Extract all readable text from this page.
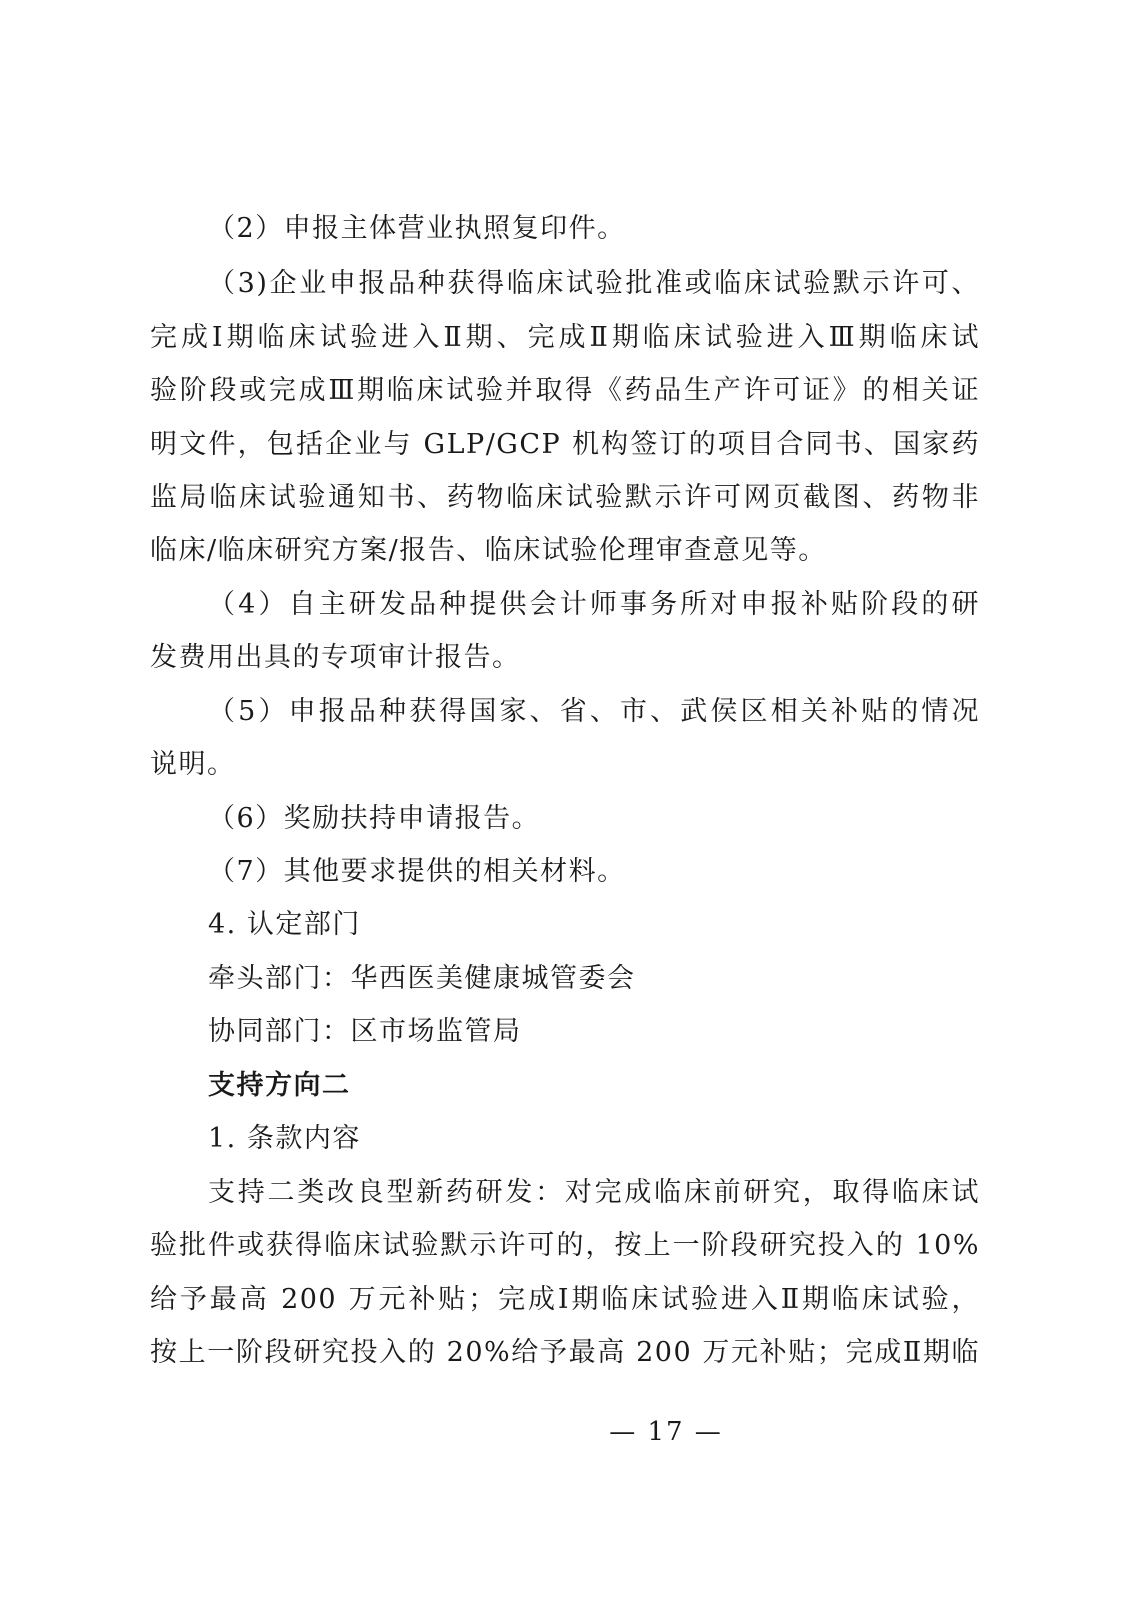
（2）申报主体营业执照复印件。
（3)企业申报品种获得临床试验批准或临床试验默示许可、
完成Ⅰ期临床试验进入Ⅱ期、完成Ⅱ期临床试验进入Ⅲ期临床试
验阶段或完成Ⅲ期临床试验并取得《药品生产许可证》的相关证
明文件，包括企业与 GLP/GCP 机构签订的项目合同书、国家药
监局临床试验通知书、药物临床试验默示许可网页截图、药物非
临床/临床研究方案/报告、临床试验伦理审查意见等。
（4）自主研发品种提供会计师事务所对申报补贴阶段的研
发费用出具的专项审计报告。
（5）申报品种获得国家、省、市、武侯区相关补贴的情况
说明。
（6）奖励扶持申请报告。
（7）其他要求提供的相关材料。
4. 认定部门
牵头部门：华西医美健康城管委会
协同部门：区市场监管局
支持方向二
1. 条款内容
支持二类改良型新药研发：对完成临床前研究，取得临床试
验批件或获得临床试验默示许可的，按上一阶段研究投入的 10%
给予最高 200 万元补贴；完成Ⅰ期临床试验进入Ⅱ期临床试验，
按上一阶段研究投入的 20%给予最高 200 万元补贴；完成Ⅱ期临
— 17 —
